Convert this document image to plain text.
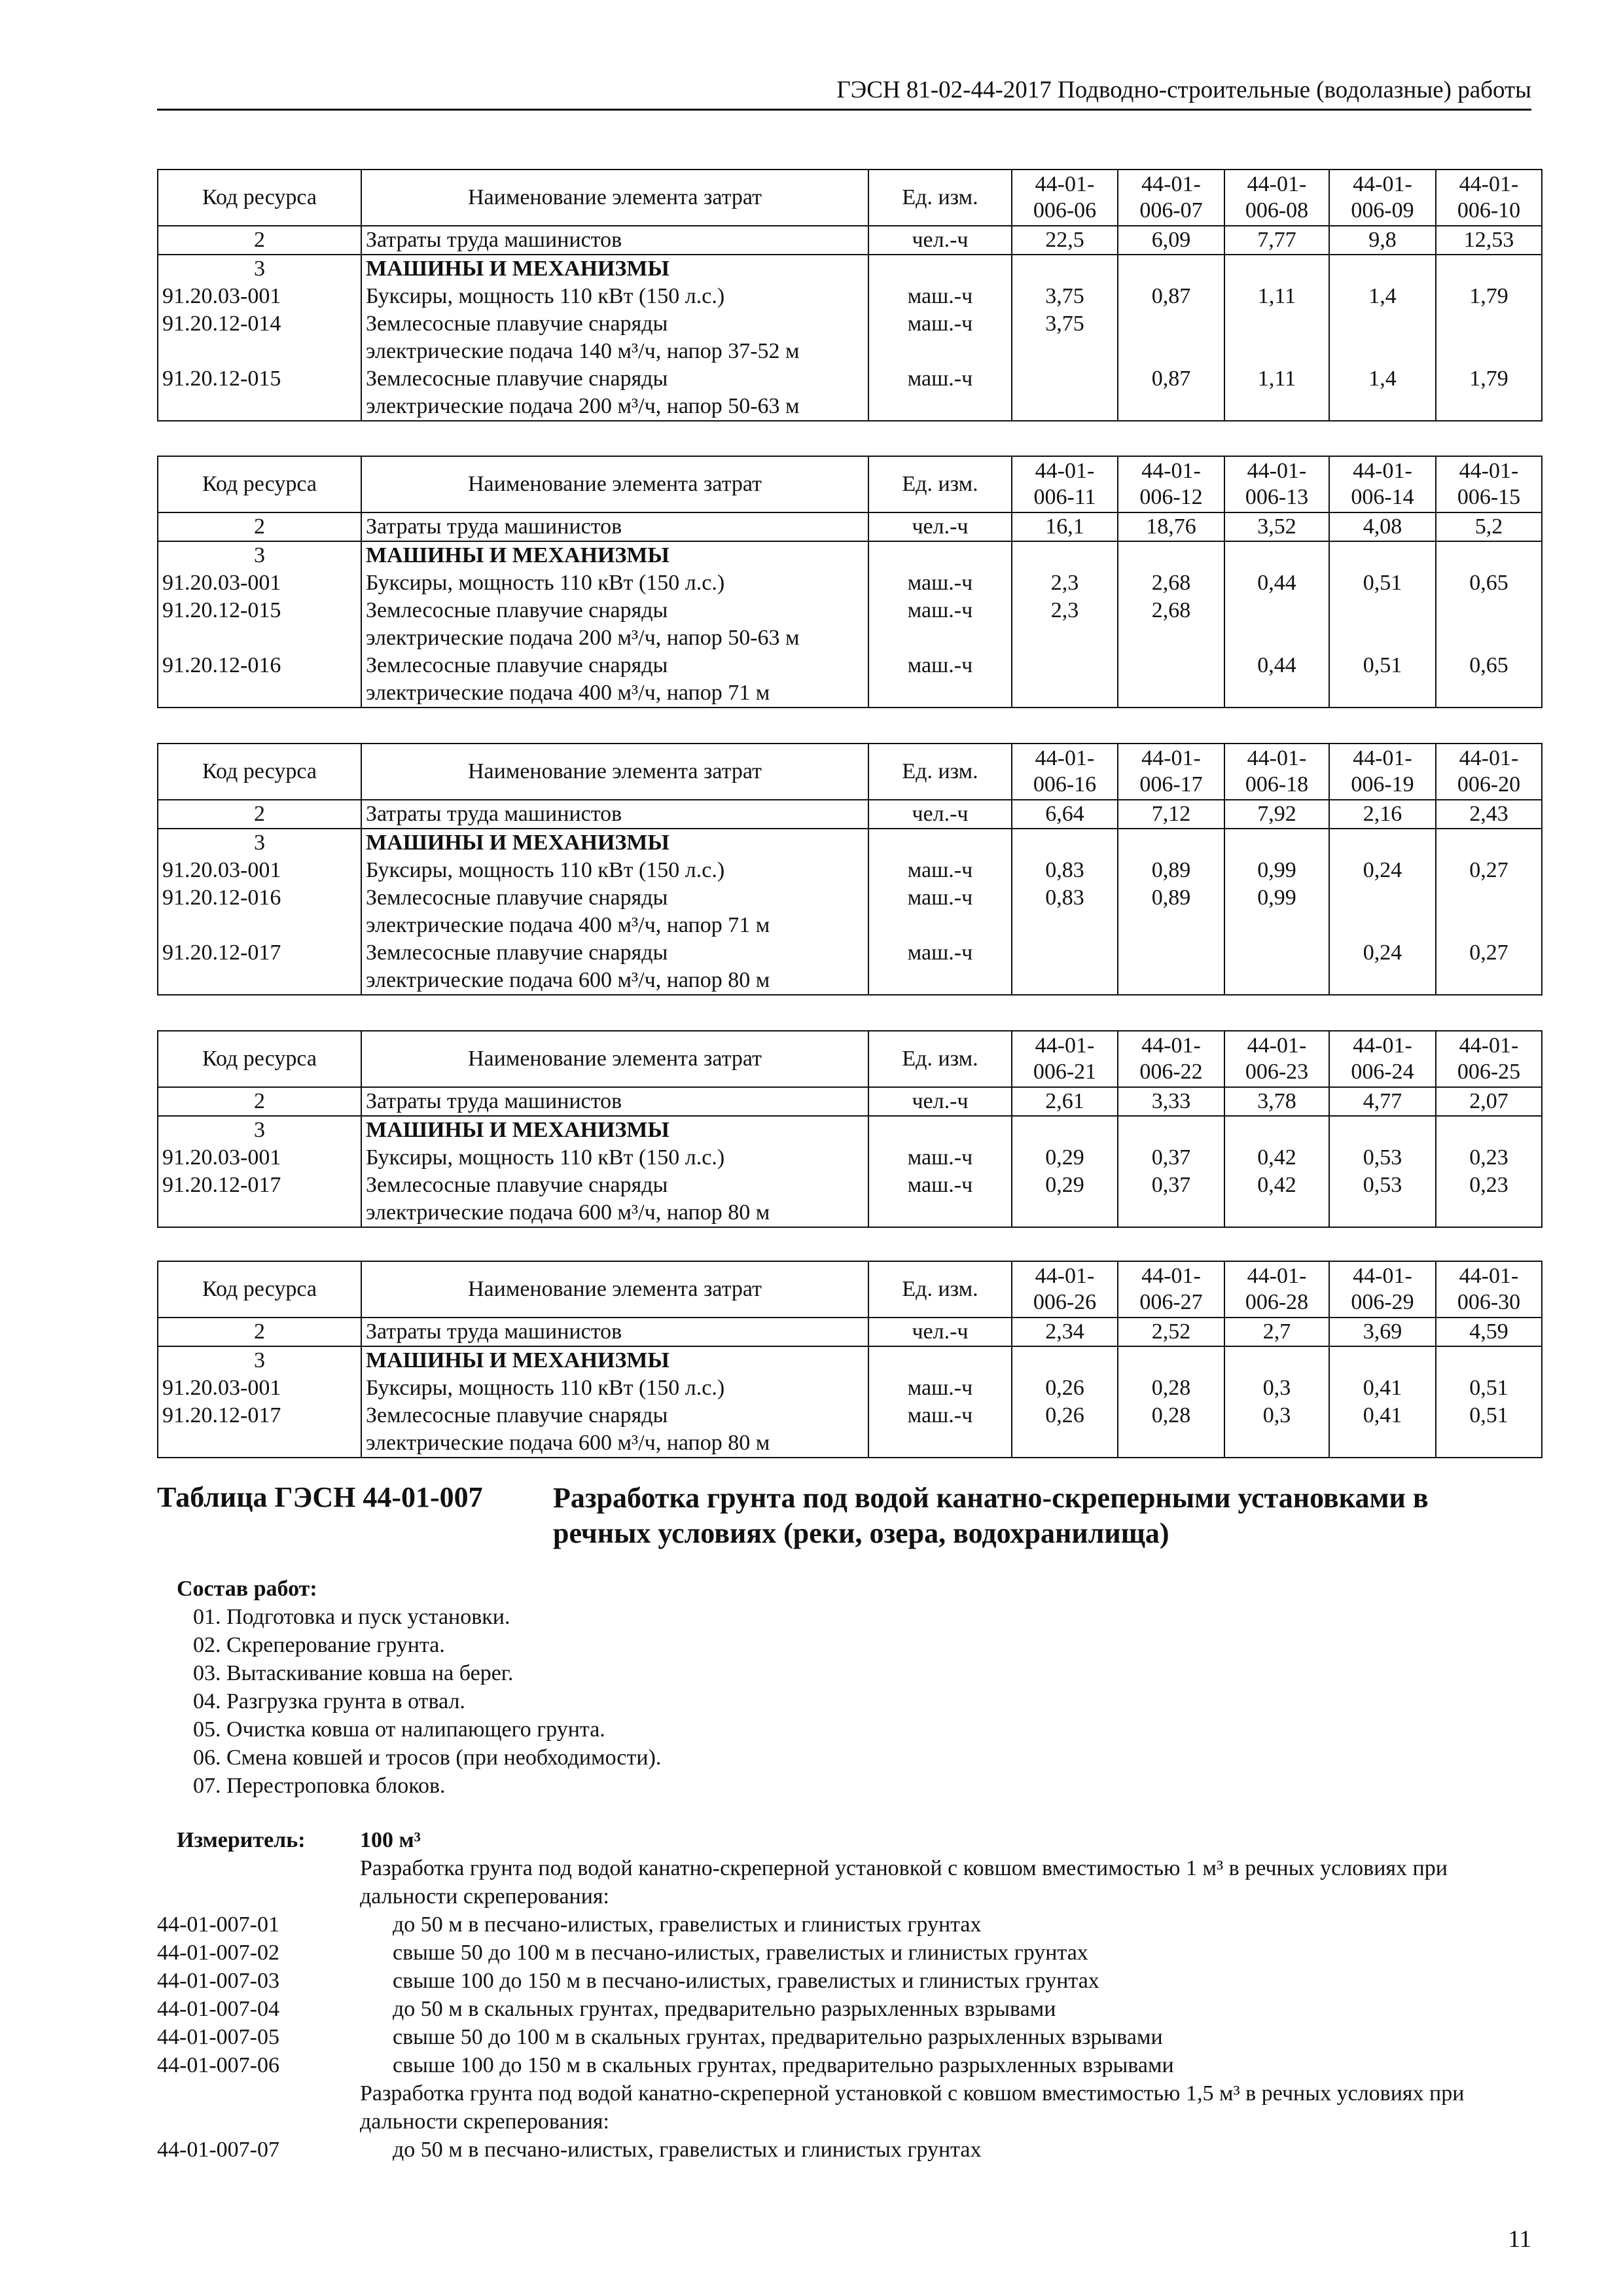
ГЭСН 81-02-44-2017 Подводно-строительные (водолазные) работы
Код ресурса	Наименование элемента затрат	Ед. изм.	44-01-006-06	44-01-006-07	44-01-006-08	44-01-006-09	44-01-006-10
2	Затраты труда машинистов	чел.-ч	22,5	6,09	7,77	9,8	12,53
3	МАШИНЫ И МЕХАНИЗМЫ						
91.20.03-001	Буксиры, мощность 110 кВт (150 л.с.)	маш.-ч	3,75	0,87	1,11	1,4	1,79
91.20.12-014	Землесосные плавучие снаряды
электрические подача 140 м³/ч, напор 37-52 м	маш.-ч	3,75				
91.20.12-015	Землесосные плавучие снаряды
электрические подача 200 м³/ч, напор 50-63 м	маш.-ч		0,87	1,11	1,4	1,79
Код ресурса	Наименование элемента затрат	Ед. изм.	44-01-006-11	44-01-006-12	44-01-006-13	44-01-006-14	44-01-006-15
2	Затраты труда машинистов	чел.-ч	16,1	18,76	3,52	4,08	5,2
3	МАШИНЫ И МЕХАНИЗМЫ						
91.20.03-001	Буксиры, мощность 110 кВт (150 л.с.)	маш.-ч	2,3	2,68	0,44	0,51	0,65
91.20.12-015	Землесосные плавучие снаряды
электрические подача 200 м³/ч, напор 50-63 м	маш.-ч	2,3	2,68			
91.20.12-016	Землесосные плавучие снаряды
электрические подача 400 м³/ч, напор 71 м	маш.-ч			0,44	0,51	0,65
Код ресурса	Наименование элемента затрат	Ед. изм.	44-01-006-16	44-01-006-17	44-01-006-18	44-01-006-19	44-01-006-20
2	Затраты труда машинистов	чел.-ч	6,64	7,12	7,92	2,16	2,43
3	МАШИНЫ И МЕХАНИЗМЫ						
91.20.03-001	Буксиры, мощность 110 кВт (150 л.с.)	маш.-ч	0,83	0,89	0,99	0,24	0,27
91.20.12-016	Землесосные плавучие снаряды
электрические подача 400 м³/ч, напор 71 м	маш.-ч	0,83	0,89	0,99		
91.20.12-017	Землесосные плавучие снаряды
электрические подача 600 м³/ч, напор 80 м	маш.-ч				0,24	0,27
Код ресурса	Наименование элемента затрат	Ед. изм.	44-01-006-21	44-01-006-22	44-01-006-23	44-01-006-24	44-01-006-25
2	Затраты труда машинистов	чел.-ч	2,61	3,33	3,78	4,77	2,07
3	МАШИНЫ И МЕХАНИЗМЫ						
91.20.03-001	Буксиры, мощность 110 кВт (150 л.с.)	маш.-ч	0,29	0,37	0,42	0,53	0,23
91.20.12-017	Землесосные плавучие снаряды
электрические подача 600 м³/ч, напор 80 м	маш.-ч	0,29	0,37	0,42	0,53	0,23
Код ресурса	Наименование элемента затрат	Ед. изм.	44-01-006-26	44-01-006-27	44-01-006-28	44-01-006-29	44-01-006-30
2	Затраты труда машинистов	чел.-ч	2,34	2,52	2,7	3,69	4,59
3	МАШИНЫ И МЕХАНИЗМЫ						
91.20.03-001	Буксиры, мощность 110 кВт (150 л.с.)	маш.-ч	0,26	0,28	0,3	0,41	0,51
91.20.12-017	Землесосные плавучие снаряды
электрические подача 600 м³/ч, напор 80 м	маш.-ч	0,26	0,28	0,3	0,41	0,51
Таблица ГЭСН 44-01-007 Разработка грунта под водой канатно-скреперными установками в речных условиях (реки, озера, водохранилища)
Состав работ:
01. Подготовка и пуск установки.
02. Скреперование грунта.
03. Вытаскивание ковша на берег.
04. Разгрузка грунта в отвал.
05. Очистка ковша от налипающего грунта.
06. Смена ковшей и тросов (при необходимости).
07. Перестроповка блоков.
Измеритель: 100 м³
Разработка грунта под водой канатно-скреперной установкой с ковшом вместимостью 1 м³ в речных условиях при дальности скреперования:
44-01-007-01	до 50 м в песчано-илистых, гравелистых и глинистых грунтах
44-01-007-02	свыше 50 до 100 м в песчано-илистых, гравелистых и глинистых грунтах
44-01-007-03	свыше 100 до 150 м в песчано-илистых, гравелистых и глинистых грунтах
44-01-007-04	до 50 м в скальных грунтах, предварительно разрыхленных взрывами
44-01-007-05	свыше 50 до 100 м в скальных грунтах, предварительно разрыхленных взрывами
44-01-007-06	свыше 100 до 150 м в скальных грунтах, предварительно разрыхленных взрывами
Разработка грунта под водой канатно-скреперной установкой с ковшом вместимостью 1,5 м³ в речных условиях при дальности скреперования:
44-01-007-07	до 50 м в песчано-илистых, гравелистых и глинистых грунтах
11
